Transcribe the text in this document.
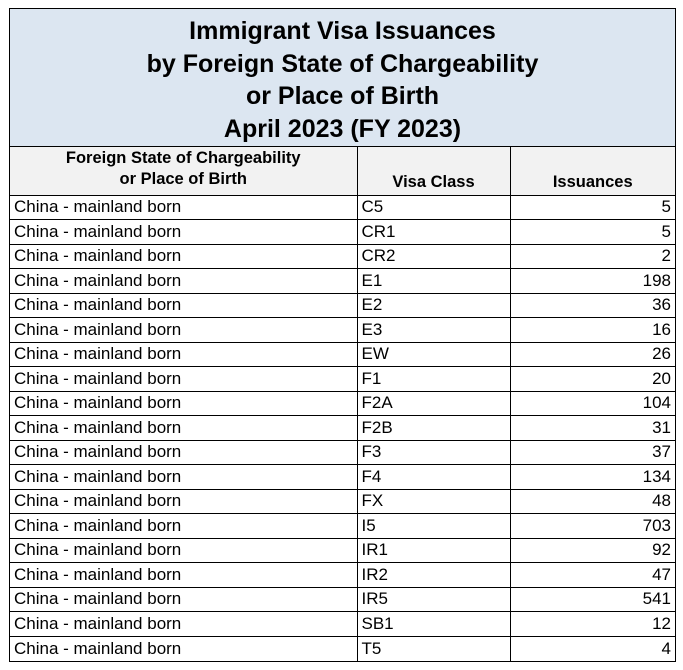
Immigrant Visa Issuances
by Foreign State of Chargeability
or Place of Birth
April 2023 (FY 2023)
Foreign State of Chargeability
or Place of Birth	Visa Class	Issuances
China - mainland born	C5	5
China - mainland born	CR1	5
China - mainland born	CR2	2
China - mainland born	E1	198
China - mainland born	E2	36
China - mainland born	E3	16
China - mainland born	EW	26
China - mainland born	F1	20
China - mainland born	F2A	104
China - mainland born	F2B	31
China - mainland born	F3	37
China - mainland born	F4	134
China - mainland born	FX	48
China - mainland born	I5	703
China - mainland born	IR1	92
China - mainland born	IR2	47
China - mainland born	IR5	541
China - mainland born	SB1	12
China - mainland born	T5	4
